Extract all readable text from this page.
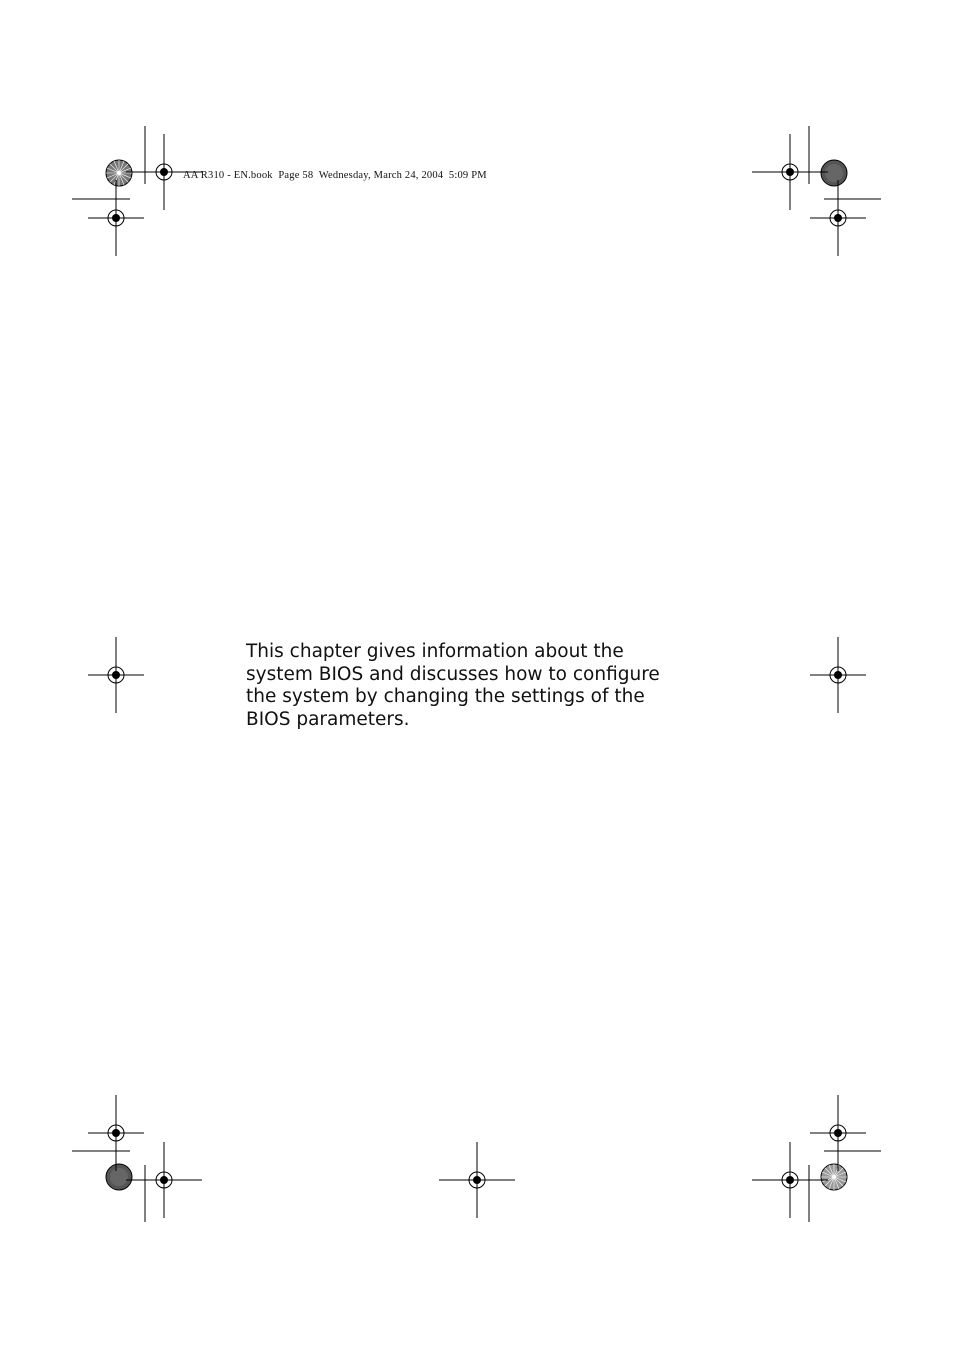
AA R310 - EN.book  Page 58  Wednesday, March 24, 2004  5:09 PM

This chapter gives information about the
system BIOS and discusses how to configure
the system by changing the settings of the
BIOS parameters.
